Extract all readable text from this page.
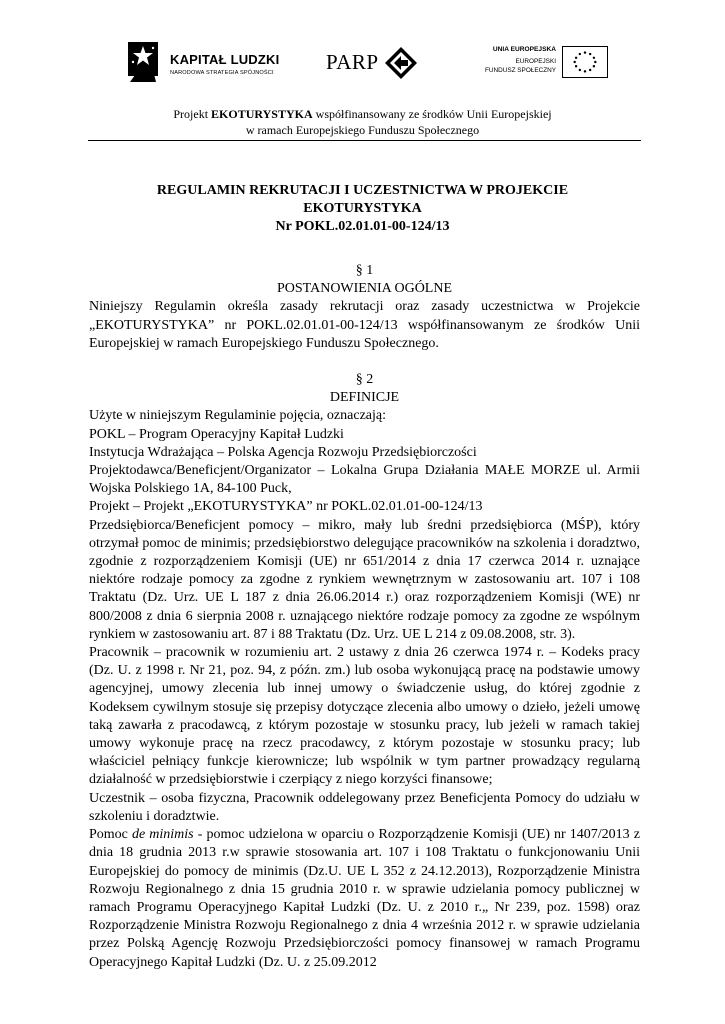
KAPITAŁ LUDZKI
NARODOWA STRATEGIA SPÓJNOŚCI PARP
UNIA EUROPEJSKA
EUROPEJSKI
FUNDUSZ SPOŁECZNY
Projekt EKOTURYSTYKA współfinansowany ze środków Unii Europejskiej
w ramach Europejskiego Funduszu Społecznego
REGULAMIN REKRUTACJI I UCZESTNICTWA W PROJEKCIE
EKOTURYSTYKA
Nr POKL.02.01.01-00-124/13

§ 1

POSTANOWIENIA OGÓLNE

Niniejszy Regulamin określa zasady rekrutacji oraz zasady uczestnictwa w Projekcie „EKOTURYSTYKA” nr POKL.02.01.01-00-124/13 współfinansowanym ze środków Unii Europejskiej w ramach Europejskiego Funduszu Społecznego.

§ 2

DEFINICJE

Użyte w niniejszym Regulaminie pojęcia, oznaczają:

POKL – Program Operacyjny Kapitał Ludzki

Instytucja Wdrażająca – Polska Agencja Rozwoju Przedsiębiorczości

Projektodawca/Beneficjent/Organizator – Lokalna Grupa Działania MAŁE MORZE ul. Armii Wojska Polskiego 1A, 84-100 Puck,

Projekt – Projekt „EKOTURYSTYKA” nr POKL.02.01.01-00-124/13

Przedsiębiorca/Beneficjent pomocy – mikro, mały lub średni przedsiębiorca (MŚP), który otrzymał pomoc de minimis; przedsiębiorstwo delegujące pracowników na szkolenia i doradztwo, zgodnie z rozporządzeniem Komisji (UE) nr 651/2014 z dnia 17 czerwca 2014 r. uznające niektóre rodzaje pomocy za zgodne z rynkiem wewnętrznym w zastosowaniu art. 107 i 108 Traktatu (Dz. Urz. UE L 187 z dnia 26.06.2014 r.) oraz rozporządzeniem Komisji (WE) nr 800/2008 z dnia 6 sierpnia 2008 r. uznającego niektóre rodzaje pomocy za zgodne ze wspólnym rynkiem w zastosowaniu art. 87 i 88 Traktatu (Dz. Urz. UE L 214 z 09.08.2008, str. 3).

Pracownik – pracownik w rozumieniu art. 2 ustawy z dnia 26 czerwca 1974 r. – Kodeks pracy (Dz. U. z 1998 r. Nr 21, poz. 94, z późn. zm.) lub osoba wykonującą pracę na podstawie umowy agencyjnej, umowy zlecenia lub innej umowy o świadczenie usług, do której zgodnie z Kodeksem cywilnym stosuje się przepisy dotyczące zlecenia albo umowy o dzieło, jeżeli umowę taką zawarła z pracodawcą, z którym pozostaje w stosunku pracy, lub jeżeli w ramach takiej umowy wykonuje pracę na rzecz pracodawcy, z którym pozostaje w stosunku pracy; lub właściciel pełniący funkcje kierownicze; lub wspólnik w tym partner prowadzący regularną działalność w przedsiębiorstwie i czerpiący z niego korzyści finansowe;

Uczestnik – osoba fizyczna, Pracownik oddelegowany przez Beneficjenta Pomocy do udziału w szkoleniu i doradztwie.

Pomoc de minimis - pomoc udzielona w oparciu o Rozporządzenie Komisji (UE) nr 1407/2013 z dnia 18 grudnia 2013 r.w sprawie stosowania art. 107 i 108 Traktatu o funkcjonowaniu Unii Europejskiej do pomocy de minimis (Dz.U. UE L 352 z 24.12.2013), Rozporządzenie Ministra Rozwoju Regionalnego z dnia 15 grudnia 2010 r. w sprawie udzielania pomocy publicznej w ramach Programu Operacyjnego Kapitał Ludzki (Dz. U. z 2010 r.„ Nr 239, poz. 1598) oraz Rozporządzenie Ministra Rozwoju Regionalnego z dnia 4 września 2012 r. w sprawie udzielania przez Polską Agencję Rozwoju Przedsiębiorczości pomocy finansowej w ramach Programu Operacyjnego Kapitał Ludzki (Dz. U. z 25.09.2012
